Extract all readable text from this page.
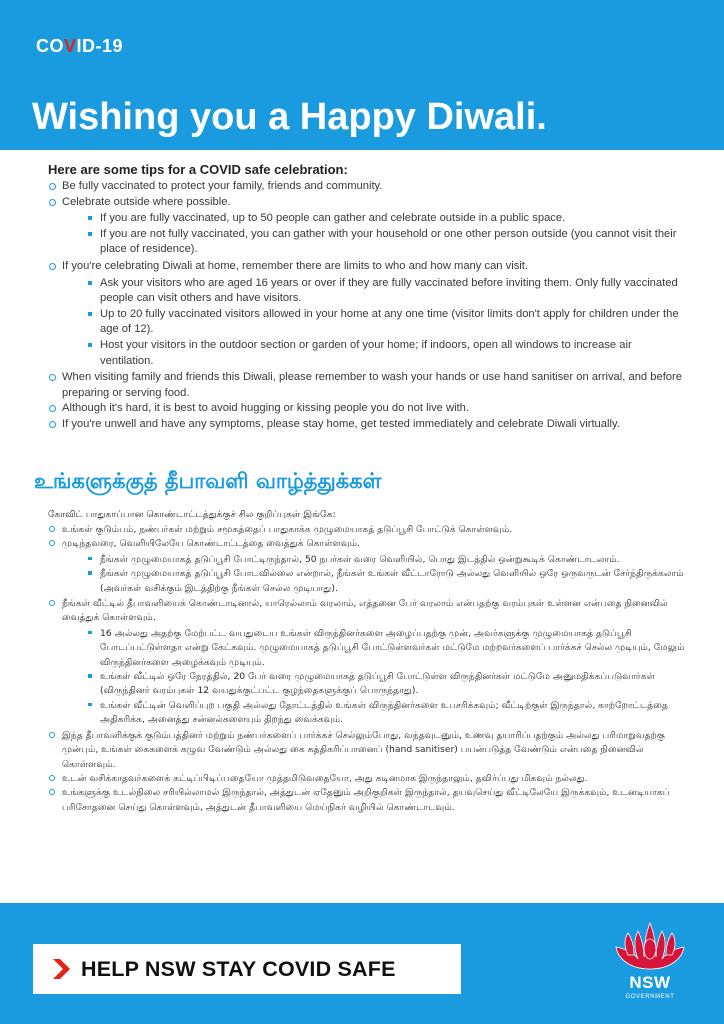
COVID-19
Wishing you a Happy Diwali.
Here are some tips for a COVID safe celebration:
Be fully vaccinated to protect your family, friends and community.
Celebrate outside where possible.
If you are fully vaccinated, up to 50 people can gather and celebrate outside in a public space.
If you are not fully vaccinated, you can gather with your household or one other person outside (you cannot visit their place of residence).
If you're celebrating Diwali at home, remember there are limits to who and how many can visit.
Ask your visitors who are aged 16 years or over if they are fully vaccinated before inviting them. Only fully vaccinated people can visit others and have visitors.
Up to 20 fully vaccinated visitors allowed in your home at any one time (visitor limits don't apply for children under the age of 12).
Host your visitors in the outdoor section or garden of your home; if indoors, open all windows to increase air ventilation.
When visiting family and friends this Diwali, please remember to wash your hands or use hand sanitiser on arrival, and before preparing or serving food.
Although it's hard, it is best to avoid hugging or kissing people you do not live with.
If you're unwell and have any symptoms, please stay home, get tested immediately and celebrate Diwali virtually.
உங்களுக்குத் தீபாவளி வாழ்த்துக்கள்
கோவிட் பாதுகாப்பான கொண்டாட்டத்துக்குச் சில குறிப்புகள் இங்கே:
உங்கள் குடும்பம், நண்பர்கள் மற்றும் சமூகத்தைப் பாதுகாக்க முழுமையாகத் தடுப்பூசி போட்டுக் கொள்ளவும்.
முடிந்தவரை, வெளியிலேயே கொண்டாட்டத்தை வைத்துக் கொள்ளவும்.
நீங்கள் முழுமையாகத் தடுப்பூசி போட்டிருந்தால், 50 நபர்கள் வரை வெளியில், பொது இடத்தில் ஒன்றுகூடிக் கொண்டாடலாம்.
நீங்கள் முழுமையாகத் தடுப்பூசி போடவில்லை என்றால், நீங்கள் உங்கள் வீட்டாரோடு அல்லது வெளியில் ஒரே ஒருவருடன் சேர்ந்திருக்கலாம் (அவர்கள் வசிக்கும் இடத்திற்கு நீங்கள் செல்ல முடியாது).
நீங்கள் வீட்டில் தீபாவளியைக் கொண்டாடினால், யாரெல்லாம் வரலாம், எத்தனை பேர் வரலாம் என்பதற்கு வரம்புகள் உள்ளன என்பதை நினைவில் வைத்துக் கொள்ளவும்.
16 அல்லது அதற்கு மேற்பட்ட வயதுடைய உங்கள் விருந்தினர்களை அழைப்பதற்கு முன், அவர்களுக்கு முழுமையாகத் தடுப்பூசி போடப்பட்டுள்ளதா என்று கேட்கவும். முழுமையாகத் தடுப்பூசி போட்டுள்ளவர்கள் மட்டுமே மற்றவர்களைப் பார்க்கச் செல்ல முடியும், மேலும் விருந்தினர்களை அழைக்கவும் முடியும்.
உங்கள் வீட்டில் ஒரே நேரத்தில், 20 பேர் வரை முழுமையாகத் தடுப்பூசி போட்டுள்ள விருந்தினர்கள் மட்டுமே அனுமதிக்கப்படுவார்கள் (விருந்தினர் வரம்புகள் 12 வயதுக்குட்பட்ட குழந்தைகளுக்குப் பொருந்தாது).
உங்கள் வீட்டின் வெளிப்புற பகுதி அல்லது தோட்டத்தில் உங்கள் விருந்தினர்களை உபசரிக்கவும்; வீட்டிற்குள் இருந்தால், காற்றோட்டத்தை அதிகரிக்க, அனைத்து சன்னல்களையும் திறந்து வைக்கவும்.
இந்த தீபாவளிக்குக் குடும்பத்தினர் மற்றும் நண்பர்களைப் பார்க்கச் செல்லும்போது, வந்தவுடனும், உணவு தயாரிப்பதற்கும் அல்லது பரிமாறுவதற்கு முன்பும், உங்கள் கைகளைக் கழுவ வேண்டும் அல்லது கை சுத்திகரிப்பானைப் (hand sanitiser) பயன்படுத்த வேண்டும் என்பதை நினைவில் கொள்ளவும்.
உடன் வசிக்காதவர்களைக் கட்டிப்பிடிப்பதையோ முத்தமிடுவதையோ, அது கடினமாக இருந்தாலும், தவிர்ப்பது மிகவும் நல்லது.
உங்களுக்கு உடல்நிலை சரியில்லாமல் இருந்தால், அத்துடன் ஏதேனும் அறிகுறிகள் இருந்தால், தயவுசெய்து வீட்டிலேயே இருக்கவும், உடனடியாகப் பரிசோதனை செய்து கொள்ளவும், அத்துடன் தீபாவளியை மெய்நிகர் வழியில் கொண்டாடவும்.
HELP NSW STAY COVID SAFE
NSW
GOVERNMENT
